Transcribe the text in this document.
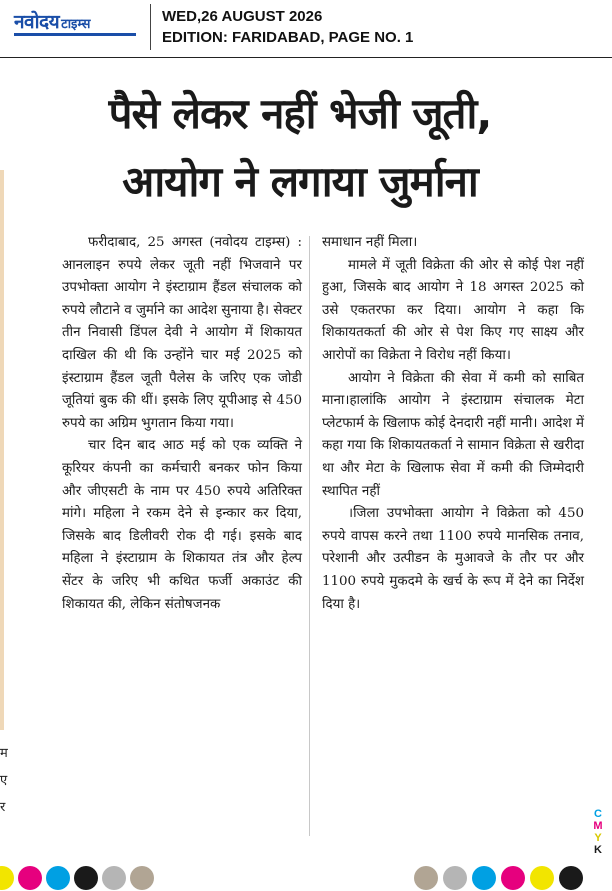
नवोदय टाइम्स	WED,26 AUGUST 2026
EDITION: FARIDABAD, PAGE NO. 1
म
ए
र
पैसे लेकर नहीं भेजी जूती,
आयोग ने लगाया जुर्माना

फरीदाबाद, 25 अगस्त (नवोदय टाइम्स) : आनलाइन रुपये लेकर जूती नहीं भिजवाने पर उपभोक्ता आयोग ने इंस्टाग्राम हैंडल संचालक को रुपये लौटाने व जुर्माने का आदेश सुनाया है। सेक्टर तीन निवासी डिंपल देवी ने आयोग में शिकायत दाखिल की थी कि उन्होंने चार मई 2025 को इंस्टाग्राम हैंडल जूती पैलेस के जरिए एक जोडी जूतियां बुक की थीं। इसके लिए यूपीआइ से 450 रुपये का अग्रिम भुगतान किया गया।

चार दिन बाद आठ मई को एक व्यक्ति ने कूरियर कंपनी का कर्मचारी बनकर फोन किया और जीएसटी के नाम पर 450 रुपये अतिरिक्त मांगे। महिला ने रकम देने से इन्कार कर दिया, जिसके बाद डिलीवरी रोक दी गई। इसके बाद महिला ने इंस्टाग्राम के शिकायत तंत्र और हेल्प सेंटर के जरिए भी कथित फर्जी अकाउंट की शिकायत की, लेकिन संतोषजनक

समाधान नहीं मिला।

मामले में जूती विक्रेता की ओर से कोई पेश नहीं हुआ, जिसके बाद आयोग ने 18 अगस्त 2025 को उसे एकतरफा कर दिया। आयोग ने कहा कि शिकायतकर्ता की ओर से पेश किए गए साक्ष्य और आरोपों का विक्रेता ने विरोध नहीं किया।

आयोग ने विक्रेता की सेवा में कमी को साबित माना।हालांकि आयोग ने इंस्टाग्राम संचालक मेटा प्लेटफार्म के खिलाफ कोई देनदारी नहीं मानी। आदेश में कहा गया कि शिकायतकर्ता ने सामान विक्रेता से खरीदा था और मेटा के खिलाफ सेवा में कमी की जिम्मेदारी स्थापित नहीं

।जिला उपभोक्ता आयोग ने विक्रेता को 450 रुपये वापस करने तथा 1100 रुपये मानसिक तनाव, परेशानी और उत्पीडन के मुआवजे के तौर पर और 1100 रुपये मुकदमे के खर्च के रूप में देने का निर्देश दिया है।

C
M
Y
K
